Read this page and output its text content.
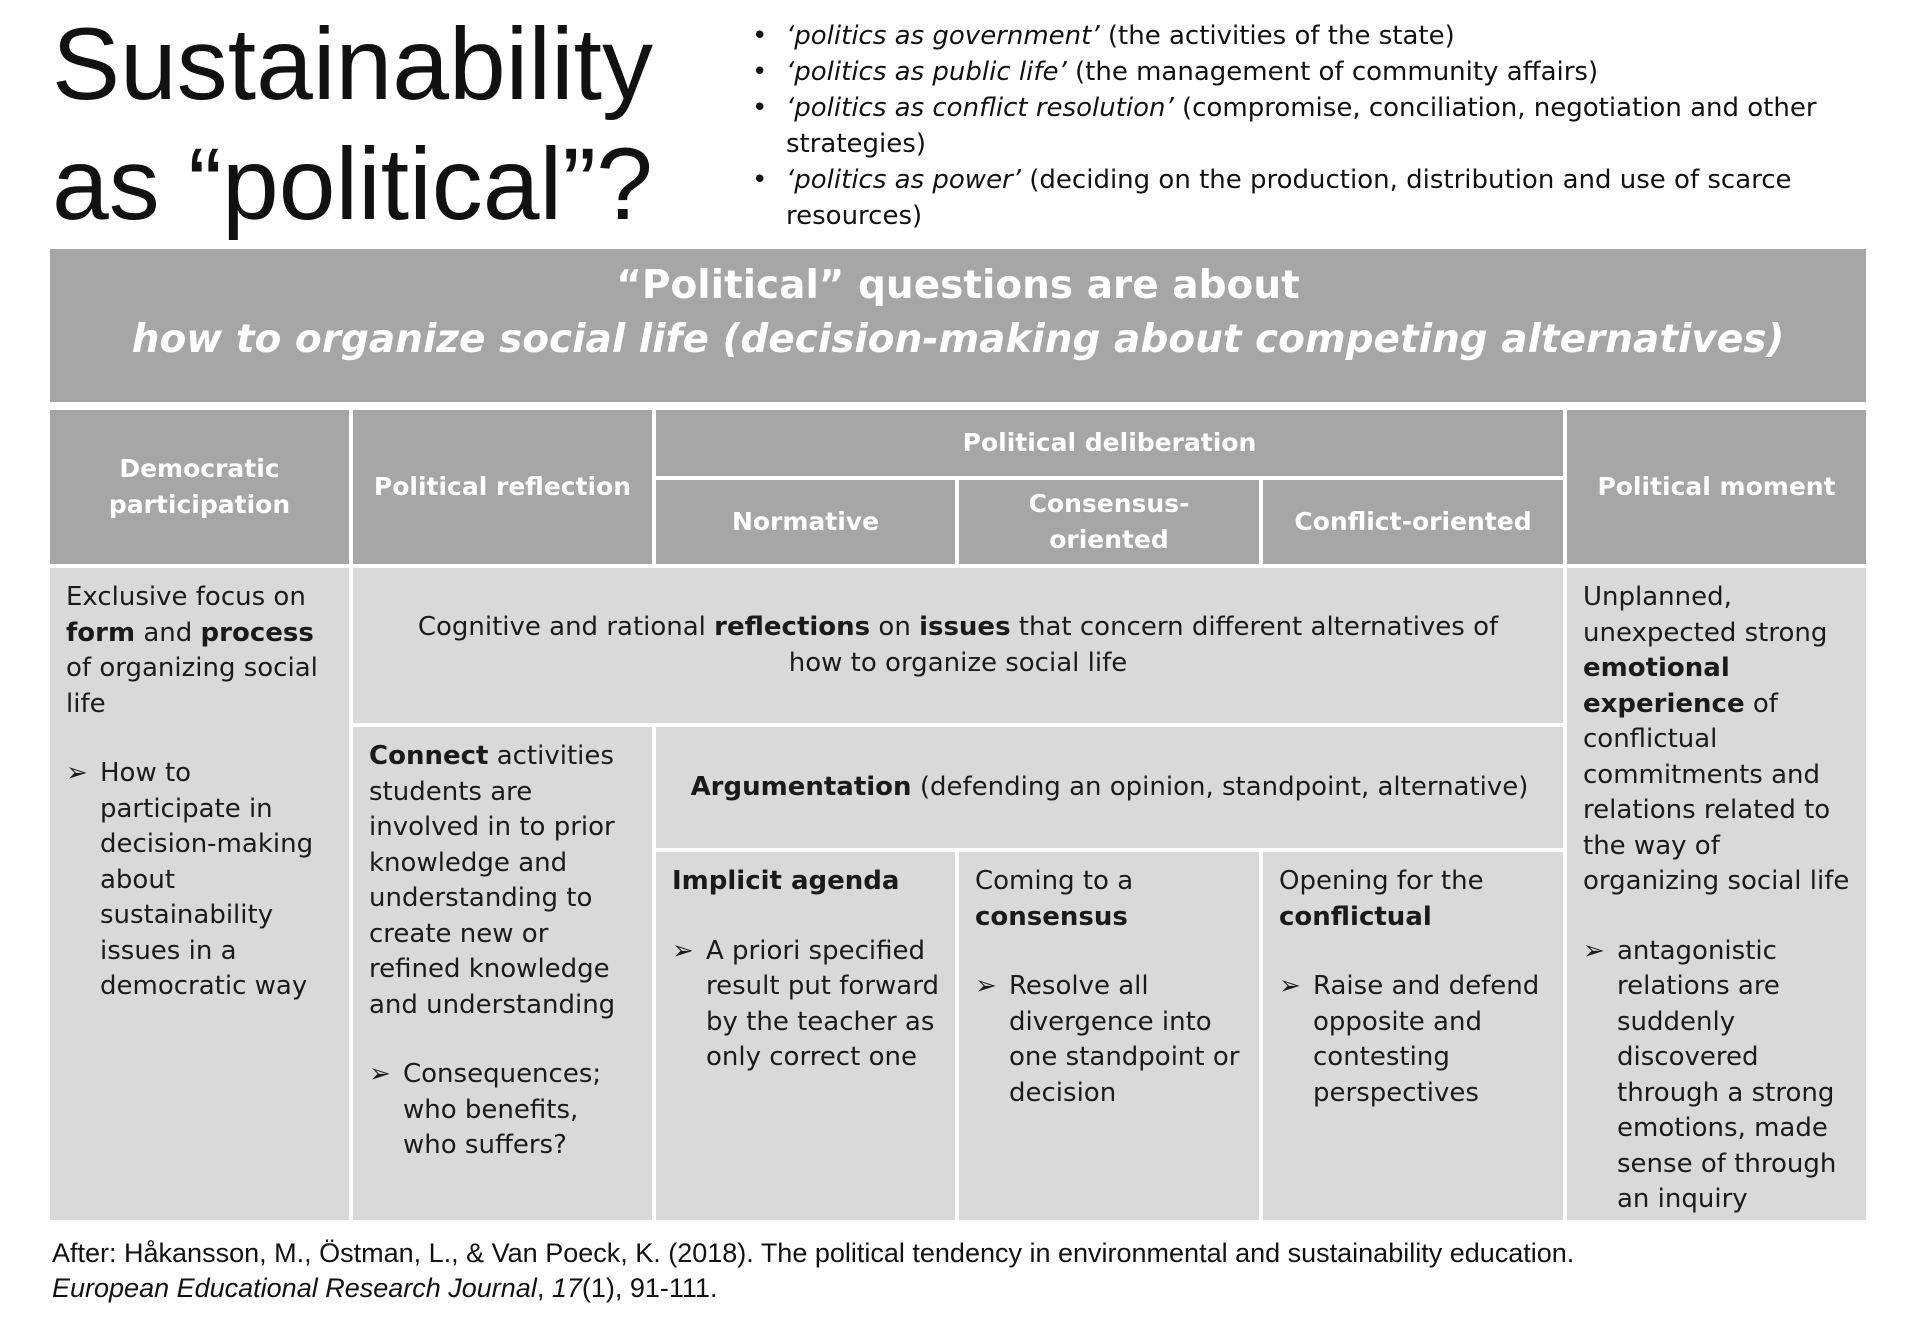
Sustainability
as “political”?
• ‘politics as government’ (the activities of the state)
• ‘politics as public life’ (the management of community affairs)
• ‘politics as conflict resolution’ (compromise, conciliation, negotiation and other strategies)
• ‘politics as power’ (deciding on the production, distribution and use of scarce resources)
“Political” questions are about
how to organize social life (decision-making about competing alternatives)
Democratic participation
Political reflection
Political deliberation
Normative
Consensus-oriented
Conflict-oriented
Political moment

Exclusive focus on form and process of organizing social life

➢ How to participate in decision-making about sustainability issues in a democratic way

Cognitive and rational reflections on issues that concern different alternatives of how to organize social life

Connect activities students are involved in to prior knowledge and understanding to create new or refined knowledge and understanding

➢ Consequences; who benefits, who suffers?

Argumentation (defending an opinion, standpoint, alternative)

Implicit agenda

➢ A priori specified result put forward by the teacher as only correct one

Coming to a consensus

➢ Resolve all divergence into one standpoint or decision

Opening for the conflictual

➢ Raise and defend opposite and contesting perspectives

Unplanned, unexpected strong emotional experience of conflictual commitments and relations related to the way of organizing social life

➢ antagonistic relations are suddenly discovered through a strong emotions, made sense of through an inquiry

After: Håkansson, M., Östman, L., & Van Poeck, K. (2018). The political tendency in environmental and sustainability education.
European Educational Research Journal, 17(1), 91-111.
